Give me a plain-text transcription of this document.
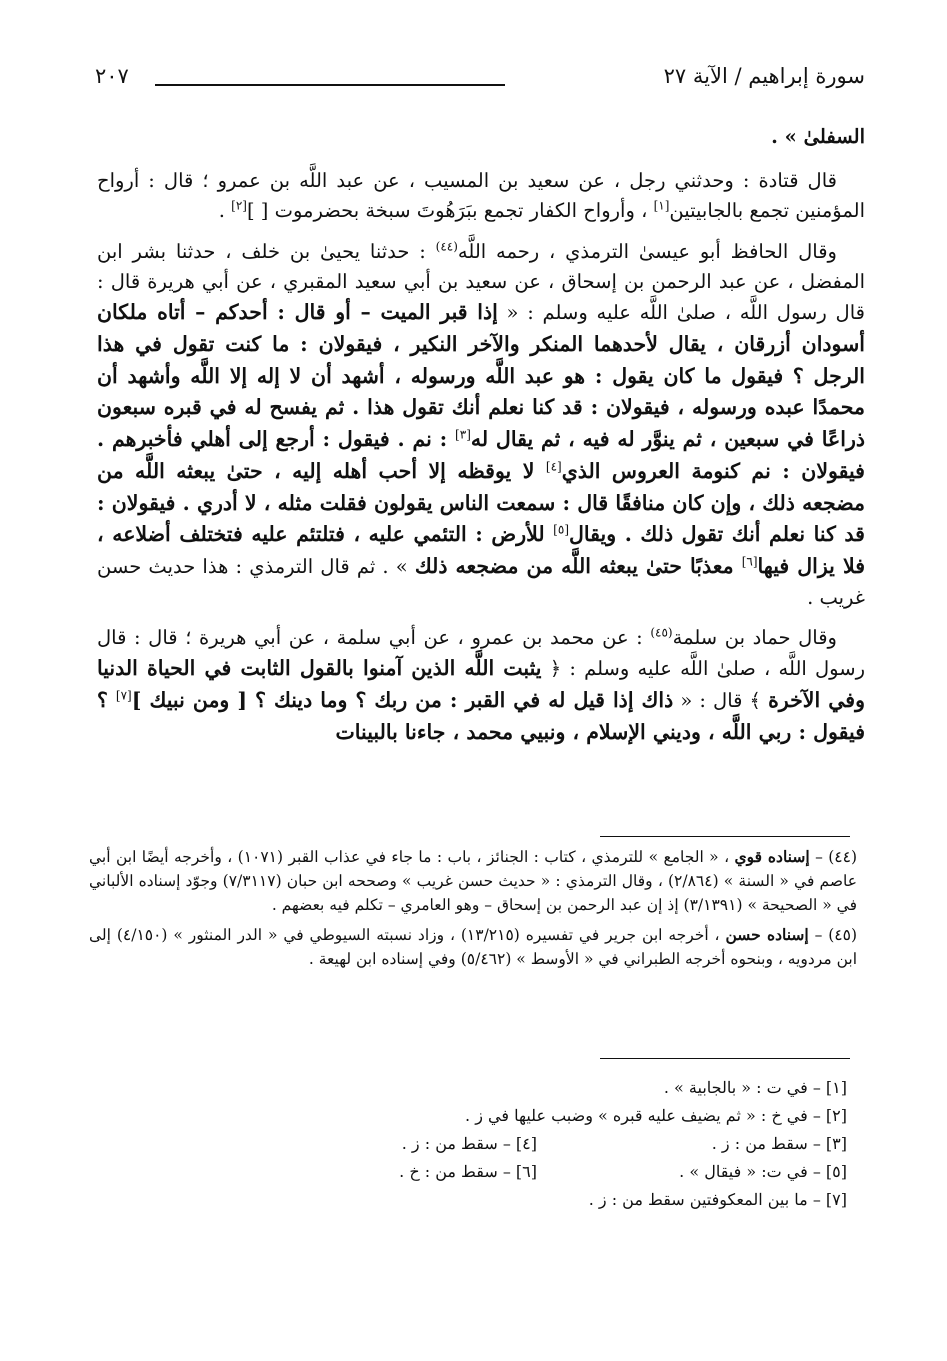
سورة إبراهيم / الآية ٢٧
٢٠٧

السفلىٰ » .

قال قتادة : وحدثني رجل ، عن سعيد بن المسيب ، عن عبد اللَّه بن عمرو ؛ قال : أرواح المؤمنين تجمع بالجابيتين[١] ، وأرواح الكفار تجمع ببَرَهُوتَ سبخة بحضرموت [ ][٢] .

وقال الحافظ أبو عيسىٰ الترمذي ، رحمه اللَّه$^{(٤٤)}$ : حدثنا يحيىٰ بن خلف ، حدثنا بشر ابن المفضل ، عن عبد الرحمن بن إسحاق ، عن سعيد بن أبي سعيد المقبري ، عن أبي هريرة قال : قال رسول اللَّه ، صلىٰ اللَّه عليه وسلم : « إذا قبر الميت – أو قال : أحدكم – أتاه ملكان أسودان أزرقان ، يقال لأحدهما المنكر والآخر النكير ، فيقولان : ما كنت تقول في هذا الرجل ؟ فيقول ما كان يقول : هو عبد اللَّه ورسوله ، أشهد أن لا إله إلا اللَّه وأشهد أن محمدًا عبده ورسوله ، فيقولان : قد كنا نعلم أنك تقول هذا . ثم يفسح له في قبره سبعون ذراعًا في سبعين ، ثم ينوَّر له فيه ، ثم يقال له[٣] : نم . فيقول : أرجع إلى أهلي فأخبرهم . فيقولان : نم كنومة العروس الذي[٤] لا يوقظه إلا أحب أهله إليه ، حتىٰ يبعثه اللَّه من مضجعه ذلك ، وإن كان منافقًا قال : سمعت الناس يقولون فقلت مثله ، لا أدري . فيقولان : قد كنا نعلم أنك تقول ذلك . ويقال[٥] للأرض : التئمي عليه ، فتلتئم عليه فتختلف أضلاعه ، فلا يزال فيها[٦] معذبًا حتىٰ يبعثه اللَّه من مضجعه ذلك » . ثم قال الترمذي : هذا حديث حسن غريب .

وقال حماد بن سلمة$^{(٤٥)}$ : عن محمد بن عمرو ، عن أبي سلمة ، عن أبي هريرة ؛ قال : قال رسول اللَّه ، صلىٰ اللَّه عليه وسلم : ﴿ يثبت اللَّه الذين آمنوا بالقول الثابت في الحياة الدنيا وفي الآخرة ﴾ قال : « ذاك إذا قيل له في القبر : من ربك ؟ وما دينك ؟ [ ومن نبيك ][٧] ؟ فيقول : ربي اللَّه ، وديني الإسلام ، ونبيي محمد ، جاءنا بالبينات

(٤٤) – إسناده قوي ، « الجامع » للترمذي ، كتاب : الجنائز ، باب : ما جاء في عذاب القبر (١٠٧١) ، وأخرجه أيضًا ابن أبي عاصم في « السنة » (٢/٨٦٤) ، وقال الترمذي : « حديث حسن غريب » وصححه ابن حبان (٧/٣١١٧) وجوّد إسناده الألباني في « الصحيحة » (٣/١٣٩١) إذ إن عبد الرحمن بن إسحاق – وهو العامري – تكلم فيه بعضهم .

(٤٥) – إسناده حسن ، أخرجه ابن جرير في تفسيره (١٣/٢١٥) ، وزاد نسبته السيوطي في « الدر المنثور » (٤/١٥٠) إلى ابن مردويه ، وبنحوه أخرجه الطبراني في « الأوسط » (٥/٤٦٢) وفي إسناده ابن لهيعة .

[١] – في ت : « بالجابية » .
[٢] – في خ : « ثم يضيف عليه قبره » وضبب عليها في ز .
[٣] – سقط من : ز .
[٤] – سقط من : ز .
[٥] – في ت: « فيقال » .
[٦] – سقط من : خ .
[٧] – ما بين المعكوفتين سقط من : ز .
